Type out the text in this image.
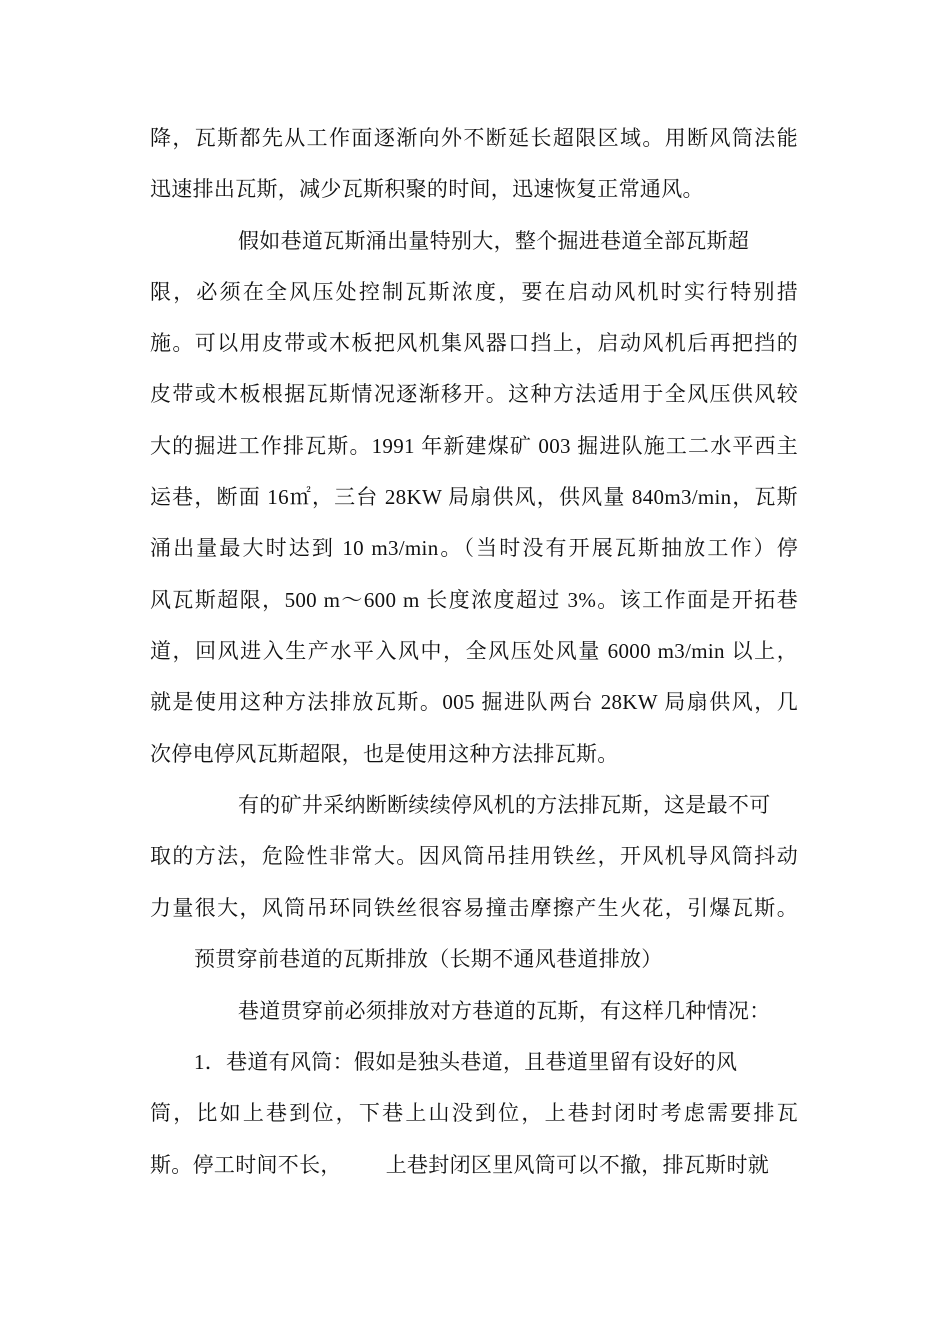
降，瓦斯都先从工作面逐渐向外不断延长超限区域。用断风筒法能
迅速排出瓦斯，减少瓦斯积聚的时间，迅速恢复正常通风。
假如巷道瓦斯涌出量特别大，整个掘进巷道全部瓦斯超
限，必须在全风压处控制瓦斯浓度，要在启动风机时实行特别措
施。可以用皮带或木板把风机集风器口挡上，启动风机后再把挡的
皮带或木板根据瓦斯情况逐渐移开。这种方法适用于全风压供风较
大的掘进工作排瓦斯。1991 年新建煤矿 003 掘进队施工二水平西主
运巷，断面 16㎡，三台 28KW 局扇供风，供风量 840m3/min，瓦斯
涌出量最大时达到 10 m3/min。（当时没有开展瓦斯抽放工作）停
风瓦斯超限，500 m～600 m 长度浓度超过 3%。该工作面是开拓巷
道，回风进入生产水平入风中，全风压处风量 6000 m3/min 以上，
就是使用这种方法排放瓦斯。005 掘进队两台 28KW 局扇供风，几
次停电停风瓦斯超限，也是使用这种方法排瓦斯。
有的矿井采纳断断续续停风机的方法排瓦斯，这是最不可
取的方法，危险性非常大。因风筒吊挂用铁丝，开风机导风筒抖动
力量很大，风筒吊环同铁丝很容易撞击摩擦产生火花，引爆瓦斯。
预贯穿前巷道的瓦斯排放（长期不通风巷道排放）
巷道贯穿前必须排放对方巷道的瓦斯，有这样几种情况：
1．巷道有风筒：假如是独头巷道，且巷道里留有设好的风
筒，比如上巷到位，下巷上山没到位，上巷封闭时考虑需要排瓦
斯。停工时间不长， 上巷封闭区里风筒可以不撤，排瓦斯时就
